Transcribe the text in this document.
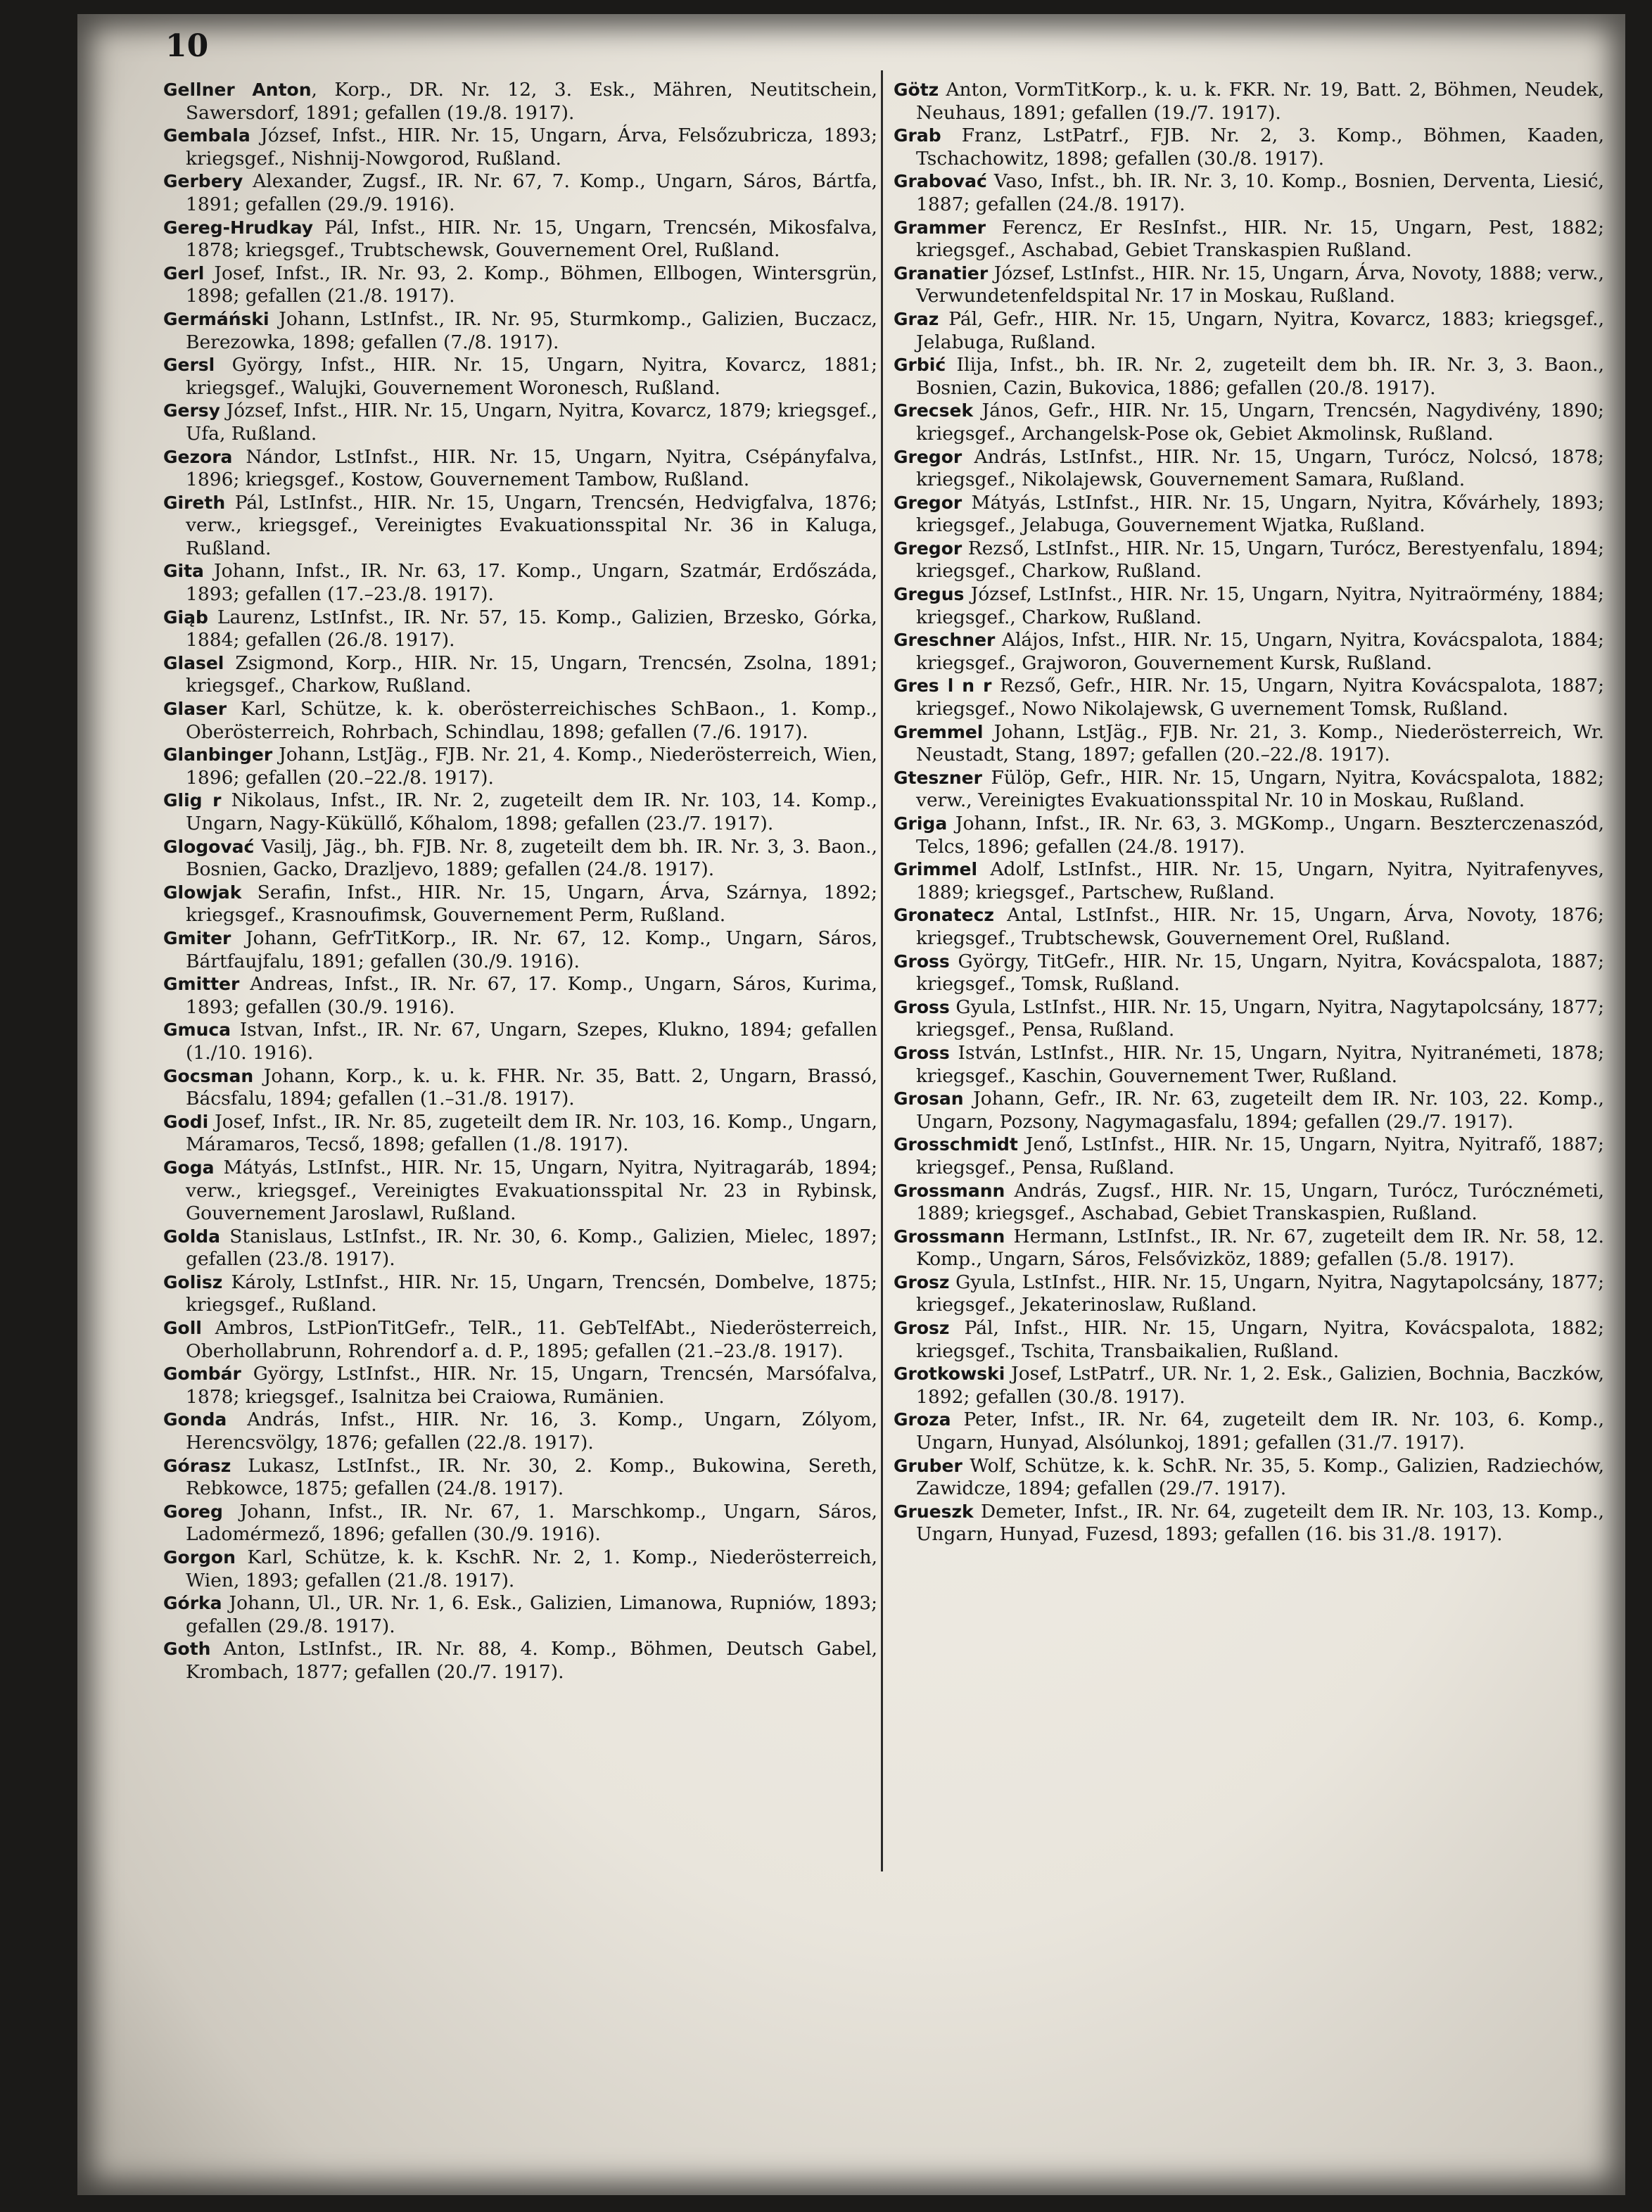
10

Gellner Anton, Korp., DR. Nr. 12, 3. Esk., Mähren, Neutitschein, Sawersdorf, 1891; gefallen (19./8. 1917).

Gembala József, Infst., HIR. Nr. 15, Ungarn, Árva, Felsőzubricza, 1893; kriegsgef., Nishnij-Nowgorod, Rußland.

Gerbery Alexander, Zugsf., IR. Nr. 67, 7. Komp., Ungarn, Sáros, Bártfa, 1891; gefallen (29./9. 1916).

Gereg-Hrudkay Pál, Infst., HIR. Nr. 15, Ungarn, Trencsén, Mikosfalva, 1878; kriegsgef., Trubtschewsk, Gouvernement Orel, Rußland.

Gerl Josef, Infst., IR. Nr. 93, 2. Komp., Böhmen, Ellbogen, Wintersgrün, 1898; gefallen (21./8. 1917).

Germáński Johann, LstInfst., IR. Nr. 95, Sturmkomp., Galizien, Buczacz, Berezowka, 1898; gefallen (7./8. 1917).

Gersl György, Infst., HIR. Nr. 15, Ungarn, Nyitra, Kovarcz, 1881; kriegsgef., Walujki, Gouvernement Woronesch, Rußland.

Gersy József, Infst., HIR. Nr. 15, Ungarn, Nyitra, Kovarcz, 1879; kriegsgef., Ufa, Rußland.

Gezora Nándor, LstInfst., HIR. Nr. 15, Ungarn, Nyitra, Csépányfalva, 1896; kriegsgef., Kostow, Gouvernement Tambow, Rußland.

Gireth Pál, LstInfst., HIR. Nr. 15, Ungarn, Trencsén, Hedvigfalva, 1876; verw., kriegsgef., Vereinigtes Evakuationsspital Nr. 36 in Kaluga, Rußland.

Gita Johann, Infst., IR. Nr. 63, 17. Komp., Ungarn, Szatmár, Erdőszáda, 1893; gefallen (17.–23./8. 1917).

Giąb Laurenz, LstInfst., IR. Nr. 57, 15. Komp., Galizien, Brzesko, Górka, 1884; gefallen (26./8. 1917).

Glasel Zsigmond, Korp., HIR. Nr. 15, Ungarn, Trencsén, Zsolna, 1891; kriegsgef., Charkow, Rußland.

Glaser Karl, Schütze, k. k. oberösterreichisches SchBaon., 1. Komp., Oberösterreich, Rohrbach, Schindlau, 1898; gefallen (7./6. 1917).

Glanbinger Johann, LstJäg., FJB. Nr. 21, 4. Komp., Niederösterreich, Wien, 1896; gefallen (20.–22./8. 1917).

Glig r Nikolaus, Infst., IR. Nr. 2, zugeteilt dem IR. Nr. 103, 14. Komp., Ungarn, Nagy-Küküllő, Kőhalom, 1898; gefallen (23./7. 1917).

Glogovać Vasilj, Jäg., bh. FJB. Nr. 8, zugeteilt dem bh. IR. Nr. 3, 3. Baon., Bosnien, Gacko, Drazljevo, 1889; gefallen (24./8. 1917).

Glowjak Serafin, Infst., HIR. Nr. 15, Ungarn, Árva, Szárnya, 1892; kriegsgef., Krasnoufimsk, Gouvernement Perm, Rußland.

Gmiter Johann, GefrTitKorp., IR. Nr. 67, 12. Komp., Ungarn, Sáros, Bártfaujfalu, 1891; gefallen (30./9. 1916).

Gmitter Andreas, Infst., IR. Nr. 67, 17. Komp., Ungarn, Sáros, Kurima, 1893; gefallen (30./9. 1916).

Gmuca Istvan, Infst., IR. Nr. 67, Ungarn, Szepes, Klukno, 1894; gefallen (1./10. 1916).

Gocsman Johann, Korp., k. u. k. FHR. Nr. 35, Batt. 2, Ungarn, Brassó, Bácsfalu, 1894; gefallen (1.–31./8. 1917).

Godi Josef, Infst., IR. Nr. 85, zugeteilt dem IR. Nr. 103, 16. Komp., Ungarn, Máramaros, Tecső, 1898; gefallen (1./8. 1917).

Goga Mátyás, LstInfst., HIR. Nr. 15, Ungarn, Nyitra, Nyitragaráb, 1894; verw., kriegsgef., Vereinigtes Evakuationsspital Nr. 23 in Rybinsk, Gouvernement Jaroslawl, Rußland.

Golda Stanislaus, LstInfst., IR. Nr. 30, 6. Komp., Galizien, Mielec, 1897; gefallen (23./8. 1917).

Golisz Károly, LstInfst., HIR. Nr. 15, Ungarn, Trencsén, Dombelve, 1875; kriegsgef., Rußland.

Goll Ambros, LstPionTitGefr., TelR., 11. GebTelfAbt., Niederösterreich, Oberhollabrunn, Rohrendorf a. d. P., 1895; gefallen (21.–23./8. 1917).

Gombár György, LstInfst., HIR. Nr. 15, Ungarn, Trencsén, Marsófalva, 1878; kriegsgef., Isalnitza bei Craiowa, Rumänien.

Gonda András, Infst., HIR. Nr. 16, 3. Komp., Ungarn, Zólyom, Herencsvölgy, 1876; gefallen (22./8. 1917).

Górasz Lukasz, LstInfst., IR. Nr. 30, 2. Komp., Bukowina, Sereth, Rebkowce, 1875; gefallen (24./8. 1917).

Goreg Johann, Infst., IR. Nr. 67, 1. Marschkomp., Ungarn, Sáros, Ladomérmező, 1896; gefallen (30./9. 1916).

Gorgon Karl, Schütze, k. k. KschR. Nr. 2, 1. Komp., Niederösterreich, Wien, 1893; gefallen (21./8. 1917).

Górka Johann, Ul., UR. Nr. 1, 6. Esk., Galizien, Limanowa, Rupniów, 1893; gefallen (29./8. 1917).

Goth Anton, LstInfst., IR. Nr. 88, 4. Komp., Böhmen, Deutsch Gabel, Krombach, 1877; gefallen (20./7. 1917).

Götz Anton, VormTitKorp., k. u. k. FKR. Nr. 19, Batt. 2, Böhmen, Neudek, Neuhaus, 1891; gefallen (19./7. 1917).

Grab Franz, LstPatrf., FJB. Nr. 2, 3. Komp., Böhmen, Kaaden, Tschachowitz, 1898; gefallen (30./8. 1917).

Grabovać Vaso, Infst., bh. IR. Nr. 3, 10. Komp., Bosnien, Derventa, Liesić, 1887; gefallen (24./8. 1917).

Grammer Ferencz, Er ResInfst., HIR. Nr. 15, Ungarn, Pest, 1882; kriegsgef., Aschabad, Gebiet Transkaspien Rußland.

Granatier József, LstInfst., HIR. Nr. 15, Ungarn, Árva, Novoty, 1888; verw., Verwundetenfeldspital Nr. 17 in Moskau, Rußland.

Graz Pál, Gefr., HIR. Nr. 15, Ungarn, Nyitra, Kovarcz, 1883; kriegsgef., Jelabuga, Rußland.

Grbić Ilija, Infst., bh. IR. Nr. 2, zugeteilt dem bh. IR. Nr. 3, 3. Baon., Bosnien, Cazin, Bukovica, 1886; gefallen (20./8. 1917).

Grecsek János, Gefr., HIR. Nr. 15, Ungarn, Trencsén, Nagydivény, 1890; kriegsgef., Archangelsk-Pose ok, Gebiet Akmolinsk, Rußland.

Gregor András, LstInfst., HIR. Nr. 15, Ungarn, Turócz, Nolcsó, 1878; kriegsgef., Nikolajewsk, Gouvernement Samara, Rußland.

Gregor Mátyás, LstInfst., HIR. Nr. 15, Ungarn, Nyitra, Kővárhely, 1893; kriegsgef., Jelabuga, Gouvernement Wjatka, Rußland.

Gregor Rezső, LstInfst., HIR. Nr. 15, Ungarn, Turócz, Berestyenfalu, 1894; kriegsgef., Charkow, Rußland.

Gregus József, LstInfst., HIR. Nr. 15, Ungarn, Nyitra, Nyitraörmény, 1884; kriegsgef., Charkow, Rußland.

Greschner Alájos, Infst., HIR. Nr. 15, Ungarn, Nyitra, Kovácspalota, 1884; kriegsgef., Grajworon, Gouvernement Kursk, Rußland.

Gres l n r Rezső, Gefr., HIR. Nr. 15, Ungarn, Nyitra Kovácspalota, 1887; kriegsgef., Nowo Nikolajewsk, G uvernement Tomsk, Rußland.

Gremmel Johann, LstJäg., FJB. Nr. 21, 3. Komp., Niederösterreich, Wr. Neustadt, Stang, 1897; gefallen (20.–22./8. 1917).

Gteszner Fülöp, Gefr., HIR. Nr. 15, Ungarn, Nyitra, Kovácspalota, 1882; verw., Vereinigtes Evakuationsspital Nr. 10 in Moskau, Rußland.

Griga Johann, Infst., IR. Nr. 63, 3. MGKomp., Ungarn. Beszterczenaszód, Telcs, 1896; gefallen (24./8. 1917).

Grimmel Adolf, LstInfst., HIR. Nr. 15, Ungarn, Nyitra, Nyitrafenyves, 1889; kriegsgef., Partschew, Rußland.

Gronatecz Antal, LstInfst., HIR. Nr. 15, Ungarn, Árva, Novoty, 1876; kriegsgef., Trubtschewsk, Gouvernement Orel, Rußland.

Gross György, TitGefr., HIR. Nr. 15, Ungarn, Nyitra, Kovácspalota, 1887; kriegsgef., Tomsk, Rußland.

Gross Gyula, LstInfst., HIR. Nr. 15, Ungarn, Nyitra, Nagytapolcsány, 1877; kriegsgef., Pensa, Rußland.

Gross István, LstInfst., HIR. Nr. 15, Ungarn, Nyitra, Nyitranémeti, 1878; kriegsgef., Kaschin, Gouvernement Twer, Rußland.

Grosan Johann, Gefr., IR. Nr. 63, zugeteilt dem IR. Nr. 103, 22. Komp., Ungarn, Pozsony, Nagymagasfalu, 1894; gefallen (29./7. 1917).

Grosschmidt Jenő, LstInfst., HIR. Nr. 15, Ungarn, Nyitra, Nyitrafő, 1887; kriegsgef., Pensa, Rußland.

Grossmann András, Zugsf., HIR. Nr. 15, Ungarn, Turócz, Turócznémeti, 1889; kriegsgef., Aschabad, Gebiet Transkaspien, Rußland.

Grossmann Hermann, LstInfst., IR. Nr. 67, zugeteilt dem IR. Nr. 58, 12. Komp., Ungarn, Sáros, Felsővizköz, 1889; gefallen (5./8. 1917).

Grosz Gyula, LstInfst., HIR. Nr. 15, Ungarn, Nyitra, Nagytapolcsány, 1877; kriegsgef., Jekaterinoslaw, Rußland.

Grosz Pál, Infst., HIR. Nr. 15, Ungarn, Nyitra, Kovácspalota, 1882; kriegsgef., Tschita, Transbaikalien, Rußland.

Grotkowski Josef, LstPatrf., UR. Nr. 1, 2. Esk., Galizien, Bochnia, Baczków, 1892; gefallen (30./8. 1917).

Groza Peter, Infst., IR. Nr. 64, zugeteilt dem IR. Nr. 103, 6. Komp., Ungarn, Hunyad, Alsólunkoj, 1891; gefallen (31./7. 1917).

Gruber Wolf, Schütze, k. k. SchR. Nr. 35, 5. Komp., Galizien, Radziechów, Zawidcze, 1894; gefallen (29./7. 1917).

Grueszk Demeter, Infst., IR. Nr. 64, zugeteilt dem IR. Nr. 103, 13. Komp., Ungarn, Hunyad, Fuzesd, 1893; gefallen (16. bis 31./8. 1917).
